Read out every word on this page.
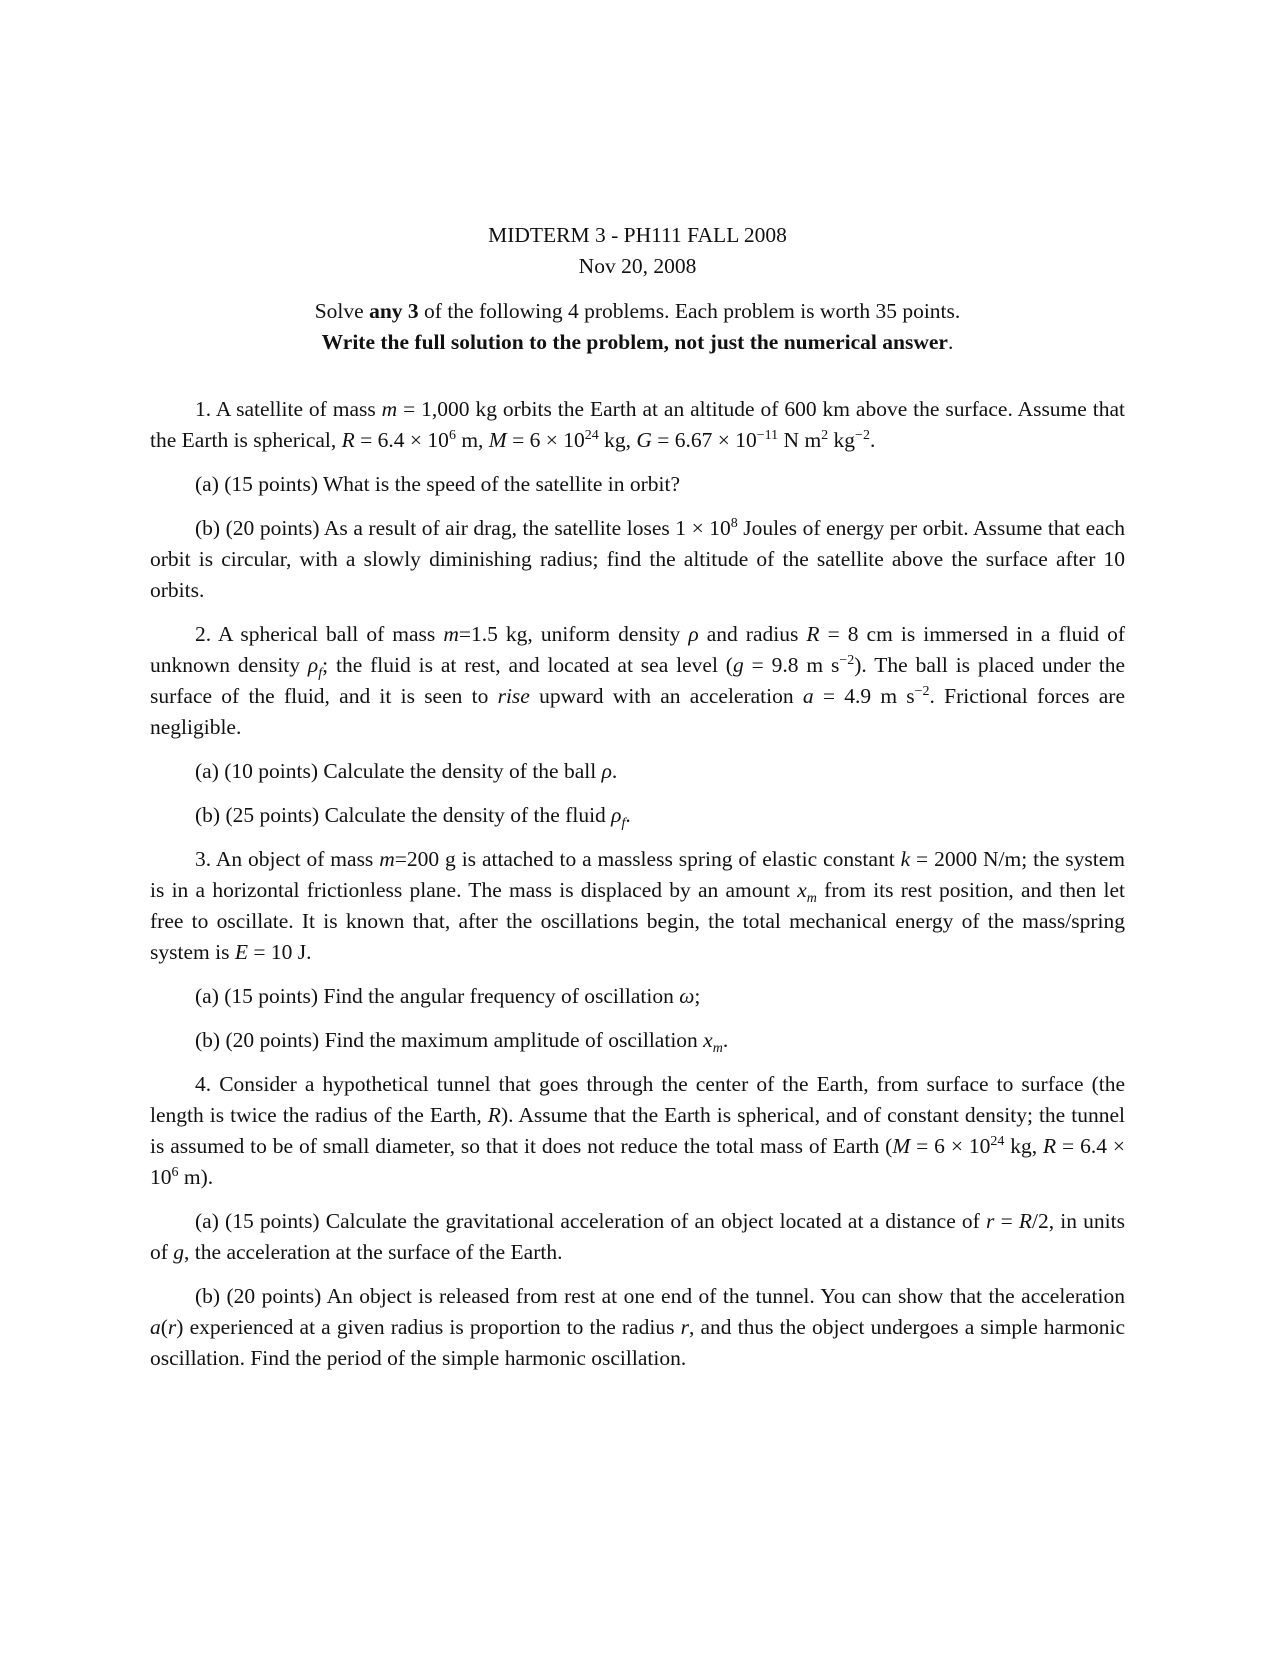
MIDTERM 3 - PH111 FALL 2008

Nov 20, 2008

Solve any 3 of the following 4 problems. Each problem is worth 35 points.

Write the full solution to the problem, not just the numerical answer.

1. A satellite of mass m = 1,000 kg orbits the Earth at an altitude of 600 km above the surface. Assume that the Earth is spherical, $R = 6.4 \times 10^6$ m, $M = 6 \times 10^{24}$ kg, $G = 6.67 \times 10^{-11}$ N $m^2$ $kg^{-2}$.

(a) (15 points) What is the speed of the satellite in orbit?

(b) (20 points) As a result of air drag, the satellite loses $1 \times 10^8$ Joules of energy per orbit. Assume that each orbit is circular, with a slowly diminishing radius; find the altitude of the satellite above the surface after 10 orbits.

2. A spherical ball of mass m=1.5 kg, uniform density ρ and radius R = 8 cm is immersed in a fluid of unknown density $\rho_f$; the fluid is at rest, and located at sea level (g = 9.8 m $s^{-2}$). The ball is placed under the surface of the fluid, and it is seen to rise upward with an acceleration a = 4.9 m $s^{-2}$. Frictional forces are negligible.

(a) (10 points) Calculate the density of the ball ρ.

(b) (25 points) Calculate the density of the fluid $\rho_f$.

3. An object of mass m=200 g is attached to a massless spring of elastic constant k = 2000 N/m; the system is in a horizontal frictionless plane. The mass is displaced by an amount $x_m$ from its rest position, and then let free to oscillate. It is known that, after the oscillations begin, the total mechanical energy of the mass/spring system is E = 10 J.

(a) (15 points) Find the angular frequency of oscillation ω;

(b) (20 points) Find the maximum amplitude of oscillation $x_m$.

4. Consider a hypothetical tunnel that goes through the center of the Earth, from surface to surface (the length is twice the radius of the Earth, R). Assume that the Earth is spherical, and of constant density; the tunnel is assumed to be of small diameter, so that it does not reduce the total mass of Earth ($M = 6 \times 10^{24}$ kg, $R = 6.4 \times 10^6$ m).

(a) (15 points) Calculate the gravitational acceleration of an object located at a distance of r = R/2, in units of g, the acceleration at the surface of the Earth.

(b) (20 points) An object is released from rest at one end of the tunnel. You can show that the acceleration a(r) experienced at a given radius is proportion to the radius r, and thus the object undergoes a simple harmonic oscillation. Find the period of the simple harmonic oscillation.
